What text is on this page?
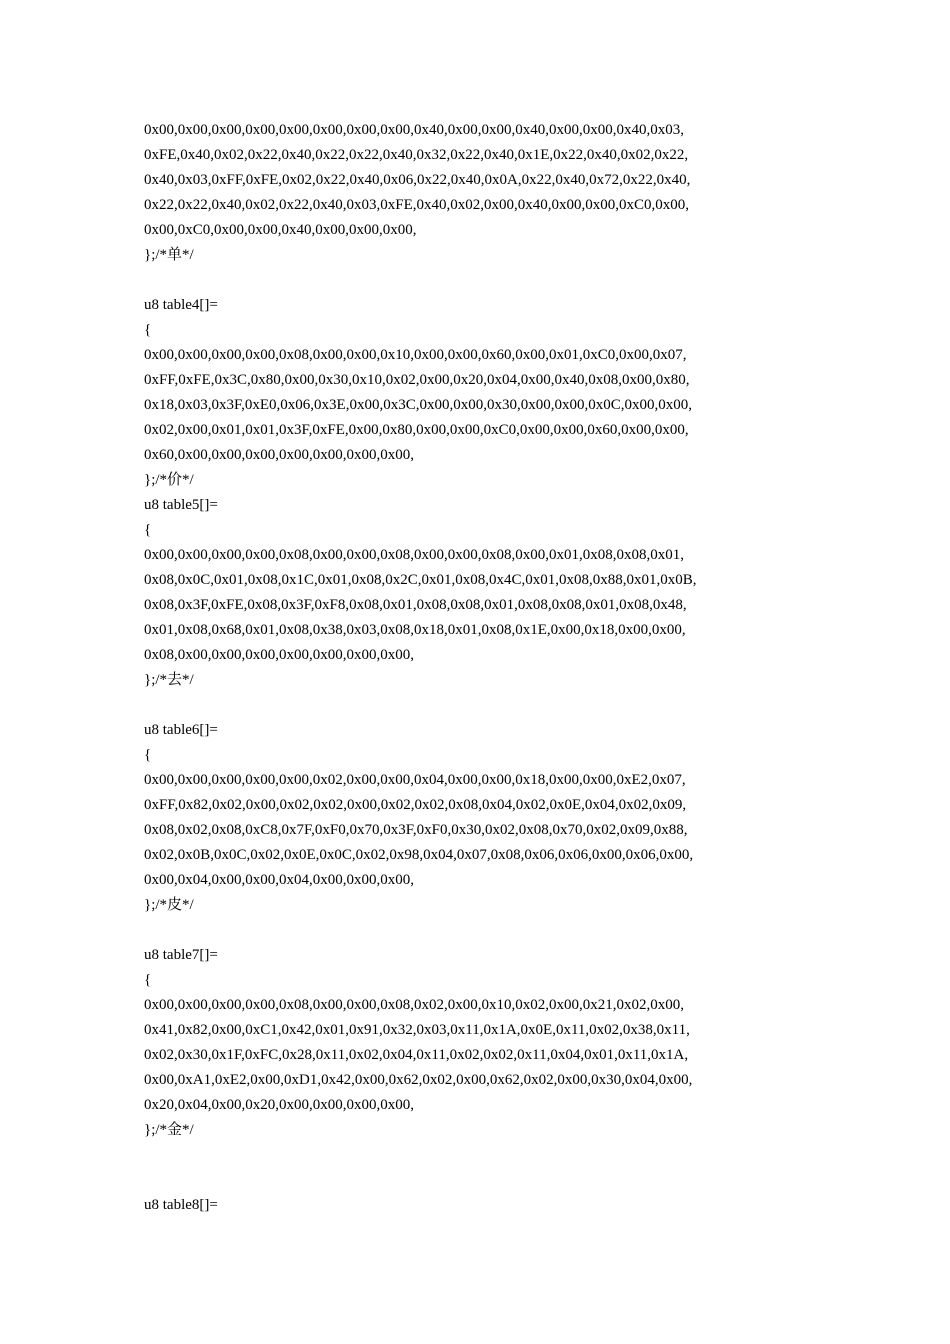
0x00,0x00,0x00,0x00,0x00,0x00,0x00,0x00,0x40,0x00,0x00,0x40,0x00,0x00,0x40,0x03,
0xFE,0x40,0x02,0x22,0x40,0x22,0x22,0x40,0x32,0x22,0x40,0x1E,0x22,0x40,0x02,0x22,
0x40,0x03,0xFF,0xFE,0x02,0x22,0x40,0x06,0x22,0x40,0x0A,0x22,0x40,0x72,0x22,0x40,
0x22,0x22,0x40,0x02,0x22,0x40,0x03,0xFE,0x40,0x02,0x00,0x40,0x00,0x00,0xC0,0x00,
0x00,0xC0,0x00,0x00,0x40,0x00,0x00,0x00,
};/*单*/
u8 table4[]=
{
0x00,0x00,0x00,0x00,0x08,0x00,0x00,0x10,0x00,0x00,0x60,0x00,0x01,0xC0,0x00,0x07,
0xFF,0xFE,0x3C,0x80,0x00,0x30,0x10,0x02,0x00,0x20,0x04,0x00,0x40,0x08,0x00,0x80,
0x18,0x03,0x3F,0xE0,0x06,0x3E,0x00,0x3C,0x00,0x00,0x30,0x00,0x00,0x0C,0x00,0x00,
0x02,0x00,0x01,0x01,0x3F,0xFE,0x00,0x80,0x00,0x00,0xC0,0x00,0x00,0x60,0x00,0x00,
0x60,0x00,0x00,0x00,0x00,0x00,0x00,0x00,
};/*价*/
u8 table5[]=
{
0x00,0x00,0x00,0x00,0x08,0x00,0x00,0x08,0x00,0x00,0x08,0x00,0x01,0x08,0x08,0x01,
0x08,0x0C,0x01,0x08,0x1C,0x01,0x08,0x2C,0x01,0x08,0x4C,0x01,0x08,0x88,0x01,0x0B,
0x08,0x3F,0xFE,0x08,0x3F,0xF8,0x08,0x01,0x08,0x08,0x01,0x08,0x08,0x01,0x08,0x48,
0x01,0x08,0x68,0x01,0x08,0x38,0x03,0x08,0x18,0x01,0x08,0x1E,0x00,0x18,0x00,0x00,
0x08,0x00,0x00,0x00,0x00,0x00,0x00,0x00,
};/*去*/
u8 table6[]=
{
0x00,0x00,0x00,0x00,0x00,0x02,0x00,0x00,0x04,0x00,0x00,0x18,0x00,0x00,0xE2,0x07,
0xFF,0x82,0x02,0x00,0x02,0x02,0x00,0x02,0x02,0x08,0x04,0x02,0x0E,0x04,0x02,0x09,
0x08,0x02,0x08,0xC8,0x7F,0xF0,0x70,0x3F,0xF0,0x30,0x02,0x08,0x70,0x02,0x09,0x88,
0x02,0x0B,0x0C,0x02,0x0E,0x0C,0x02,0x98,0x04,0x07,0x08,0x06,0x06,0x00,0x06,0x00,
0x00,0x04,0x00,0x00,0x04,0x00,0x00,0x00,
};/*皮*/
u8 table7[]=
{
0x00,0x00,0x00,0x00,0x08,0x00,0x00,0x08,0x02,0x00,0x10,0x02,0x00,0x21,0x02,0x00,
0x41,0x82,0x00,0xC1,0x42,0x01,0x91,0x32,0x03,0x11,0x1A,0x0E,0x11,0x02,0x38,0x11,
0x02,0x30,0x1F,0xFC,0x28,0x11,0x02,0x04,0x11,0x02,0x02,0x11,0x04,0x01,0x11,0x1A,
0x00,0xA1,0xE2,0x00,0xD1,0x42,0x00,0x62,0x02,0x00,0x62,0x02,0x00,0x30,0x04,0x00,
0x20,0x04,0x00,0x20,0x00,0x00,0x00,0x00,
};/*金*/
u8 table8[]=
